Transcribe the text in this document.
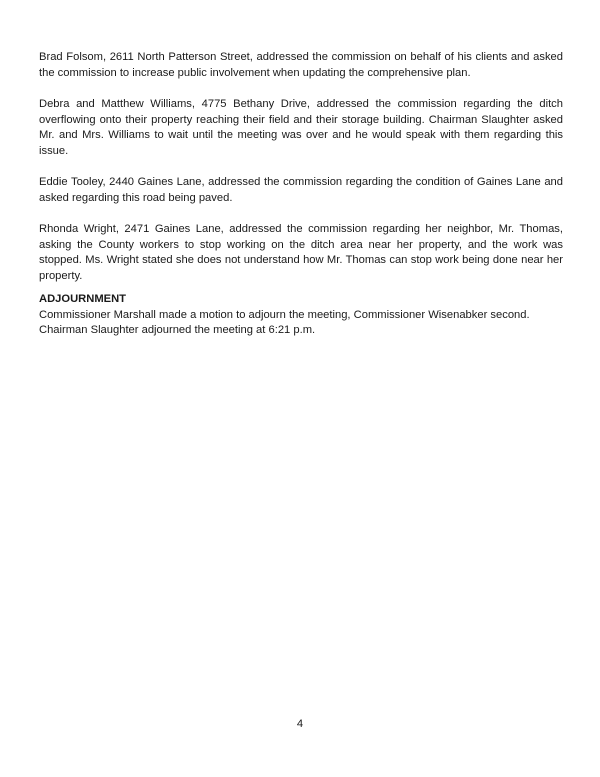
Brad Folsom, 2611 North Patterson Street, addressed the commission on behalf of his clients and asked the commission to increase public involvement when updating the comprehensive plan.

Debra and Matthew Williams, 4775 Bethany Drive, addressed the commission regarding the ditch overflowing onto their property reaching their field and their storage building. Chairman Slaughter asked Mr. and Mrs. Williams to wait until the meeting was over and he would speak with them regarding this issue.

Eddie Tooley, 2440 Gaines Lane, addressed the commission regarding the condition of Gaines Lane and asked regarding this road being paved.

Rhonda Wright, 2471 Gaines Lane, addressed the commission regarding her neighbor, Mr. Thomas, asking the County workers to stop working on the ditch area near her property, and the work was stopped. Ms. Wright stated she does not understand how Mr. Thomas can stop work being done near her property.

ADJOURNMENT

Commissioner Marshall made a motion to adjourn the meeting, Commissioner Wisenabker second. Chairman Slaughter adjourned the meeting at 6:21 p.m.

4
